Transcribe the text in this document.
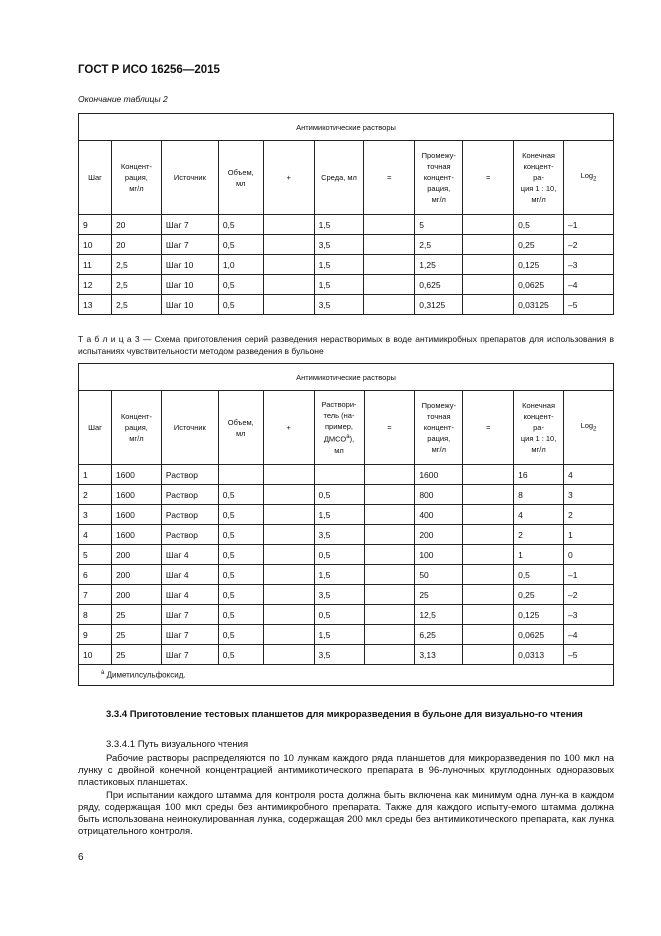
ГОСТ Р ИСО 16256—2015
Окончание таблицы 2
Антимикотические растворы										
Шаг	Концент-
рация,
мг/л	Источник	Объем,
мл	+	Среда, мл	=	Промежу-
точная
концент-
рация,
мг/л	=	Конечная
концент-
ра-
ция 1 : 10,
мг/л	Log$_2$
9	20	Шаг 7	0,5		1,5		5		0,5	–1
10	20	Шаг 7	0,5		3,5		2,5		0,25	–2
11	2,5	Шаг 10	1,0		1,5		1,25		0,125	–3
12	2,5	Шаг 10	0,5		1,5		0,625		0,0625	–4
13	2,5	Шаг 10	0,5		3,5		0,3125		0,03125	–5
Т а б л и ц а 3 — Схема приготовления серий разведения нерастворимых в воде антимикробных препаратов для использования в испытаниях чувствительности методом разведения в бульоне
Антимикотические растворы										
Шаг	Концент-
рация,
мг/л	Источник	Объем,
мл	+	Раствори-
тель (на-
пример,
$ДМСО^а$),
мл	=	Промежу-
точная
концент-
рация,
мг/л	=	Конечная
концент-
ра-
ция 1 : 10,
мг/л	Log$_2$
1	1600	Раствор					1600		16	4
2	1600	Раствор	0,5		0,5		800		8	3
3	1600	Раствор	0,5		1,5		400		4	2
4	1600	Раствор	0,5		3,5		200		2	1
5	200	Шаг 4	0,5		0,5		100		1	0
6	200	Шаг 4	0,5		1,5		50		0,5	–1
7	200	Шаг 4	0,5		3,5		25		0,25	–2
8	25	Шаг 7	0,5		0,5		12,5		0,125	–3
9	25	Шаг 7	0,5		1,5		6,25		0,0625	–4
10	25	Шаг 7	0,5		3,5		3,13		0,0313	–5
$^а$ Диметилсульфоксид.										
3.3.4 Приготовление тестовых планшетов для микроразведения в бульоне для визуально-го чтения
3.3.4.1 Путь визуального чтения
Рабочие растворы распределяются по 10 лункам каждого ряда планшетов для микроразведения по 100 мкл на лунку с двойной конечной концентрацией антимикотического препарата в 96-луночных круглодонных одноразовых пластиковых планшетах.
При испытании каждого штамма для контроля роста должна быть включена как минимум одна лун-ка в каждом ряду, содержащая 100 мкл среды без антимикробного препарата. Также для каждого испыту-емого штамма должна быть использована неинокулированная лунка, содержащая 200 мкл среды без антимикотического препарата, как лунка отрицательного контроля.
6
